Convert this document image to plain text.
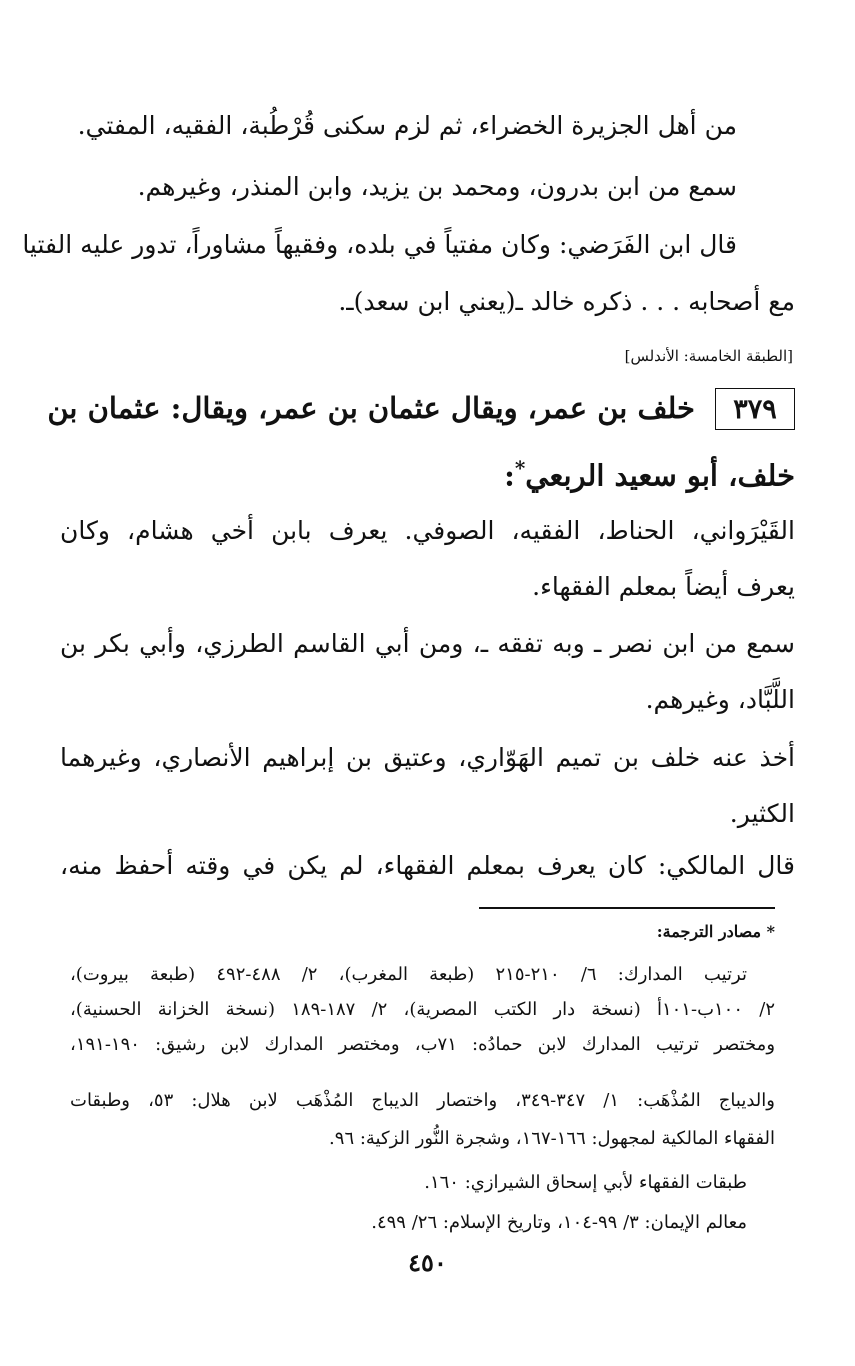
من أهل الجزيرة الخضراء، ثم لزم سكنى قُرْطُبة، الفقيه، المفتي.
سمع من ابن بدرون، ومحمد بن يزيد، وابن المنذر، وغيرهم.
قال ابن الفَرَضي: وكان مفتياً في بلده، وفقيهاً مشاوراً، تدور عليه الفتيا
مع أصحابه . . . ذكره خالد ـ(يعني ابن سعد)ـ.
[الطبقة الخامسة: الأندلس]
٣٧٩
خلف بن عمر، ويقال عثمان بن عمر، ويقال: عثمان بن
خلف، أبو سعيد الربعي*:
القَيْرَواني، الحناط، الفقيه، الصوفي. يعرف بابن أخي هشام، وكان
يعرف أيضاً بمعلم الفقهاء.
سمع من ابن نصر ـ وبه تفقه ـ، ومن أبي القاسم الطرزي، وأبي بكر بن
اللَّبَّاد، وغيرهم.
أخذ عنه خلف بن تميم الهَوّاري، وعتيق بن إبراهيم الأنصاري، وغيرهما
الكثير.
قال المالكي: كان يعرف بمعلم الفقهاء، لم يكن في وقته أحفظ منه،
* مصادر الترجمة:
ترتيب المدارك: ٦/ ٢١٠-٢١٥ (طبعة المغرب)، ٢/ ٤٨٨-٤٩٢ (طبعة بيروت)،
٢/ ١٠٠ب-١٠١أ (نسخة دار الكتب المصرية)، ٢/ ١٨٧-١٨٩ (نسخة الخزانة الحسنية)،
ومختصر ترتيب المدارك لابن حمادُه: ٧١ب، ومختصر المدارك لابن رشيق: ١٩٠-١٩١،
والديباج المُذْهَب: ١/ ٣٤٧-٣٤٩، واختصار الديباج المُذْهَب لابن هلال: ٥٣، وطبقات
الفقهاء المالكية لمجهول: ١٦٦-١٦٧، وشجرة النُّور الزكية: ٩٦.
طبقات الفقهاء لأبي إسحاق الشيرازي: ١٦٠.
معالم الإيمان: ٣/ ٩٩-١٠٤، وتاريخ الإسلام: ٢٦/ ٤٩٩.
٤٥٠
